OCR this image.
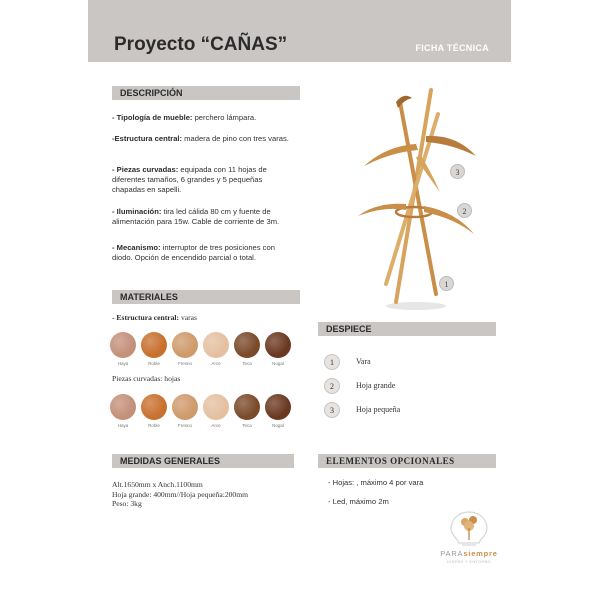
Proyecto “CAÑAS”	FICHA TÉCNICA
DESCRIPCIÓN
- Tipología de mueble: perchero lámpara.
-Estructura central: madera de pino con tres varas.
- Piezas curvadas: equipada con 11 hojas de diferentes tamaños, 6 grandes y 5 pequeñas chapadas en sapelli.
- Iluminación: tira led cálida 80 cm y fuente de alimentación para 15w. Cable de corriente de 3m.
- Mecanismo: interruptor de tres posiciones con diodo. Opción de encendido parcial o total.
MATERIALES
- Estructura central: varas
Haya	Roble	Fresno	Arce	Teca	Nogal
Piezas curvadas: hojas
Haya	Roble	Fresno	Arce	Teca	Nogal
3
2
1
DESPIECE
1	Vara
2	Hoja grande
3	Hoja pequeña
MEDIDAS GENERALES
Alt.1650mm x Anch.1100mm
Hoja grande: 400mm//Hoja pequeña:200mm
Peso: 3kg
ELEMENTOS OPCIONALES
- Hojas: , máximo 4 por vara
- Led, máximo 2m
PARAsiempre
DISEÑO Y ENTORNO
